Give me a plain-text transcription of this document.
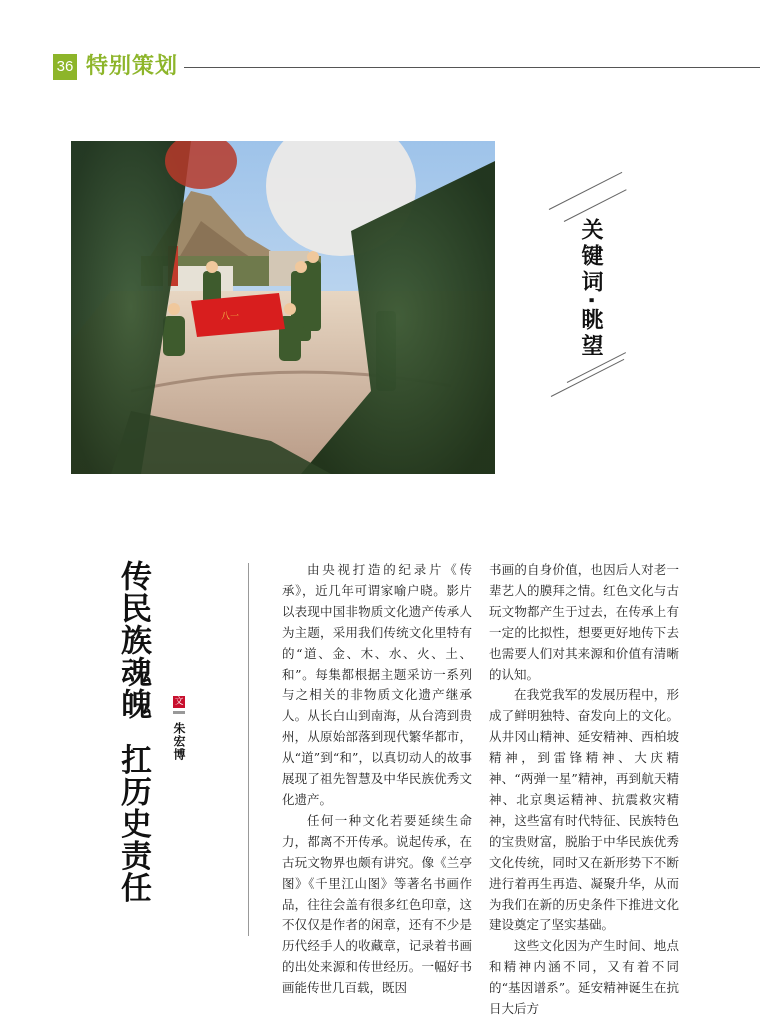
36 特别策划
八一	关键词·眺望
传民族魂魄  扛历史责任	文
朱宏博

由央视打造的纪录片《传承》，近几年可谓家喻户晓。影片以表现中国非物质文化遗产传承人为主题，采用我们传统文化里特有的“道、金、木、水、火、土、和”。每集都根据主题采访一系列与之相关的非物质文化遗产继承人。从长白山到南海，从台湾到贵州，从原始部落到现代繁华都市，从“道”到“和”，以真切动人的故事展现了祖先智慧及中华民族优秀文化遗产。

任何一种文化若要延续生命力，都离不开传承。说起传承，在古玩文物界也颇有讲究。像《兰亭图》《千里江山图》等著名书画作品，往往会盖有很多红色印章，这不仅仅是作者的闲章，还有不少是历代经手人的收藏章，记录着书画的出处来源和传世经历。一幅好书画能传世几百载，既因

书画的自身价值，也因后人对老一辈艺人的膜拜之情。红色文化与古玩文物都产生于过去，在传承上有一定的比拟性，想要更好地传下去也需要人们对其来源和价值有清晰的认知。

在我党我军的发展历程中，形成了鲜明独特、奋发向上的文化。从井冈山精神、延安精神、西柏坡精神，到雷锋精神、大庆精神、“两弹一星”精神，再到航天精神、北京奥运精神、抗震救灾精神，这些富有时代特征、民族特色的宝贵财富，脱胎于中华民族优秀文化传统，同时又在新形势下不断进行着再生再造、凝聚升华，从而为我们在新的历史条件下推进文化建设奠定了坚实基础。

这些文化因为产生时间、地点和精神内涵不同，又有着不同的“基因谱系”。延安精神诞生在抗日大后方
